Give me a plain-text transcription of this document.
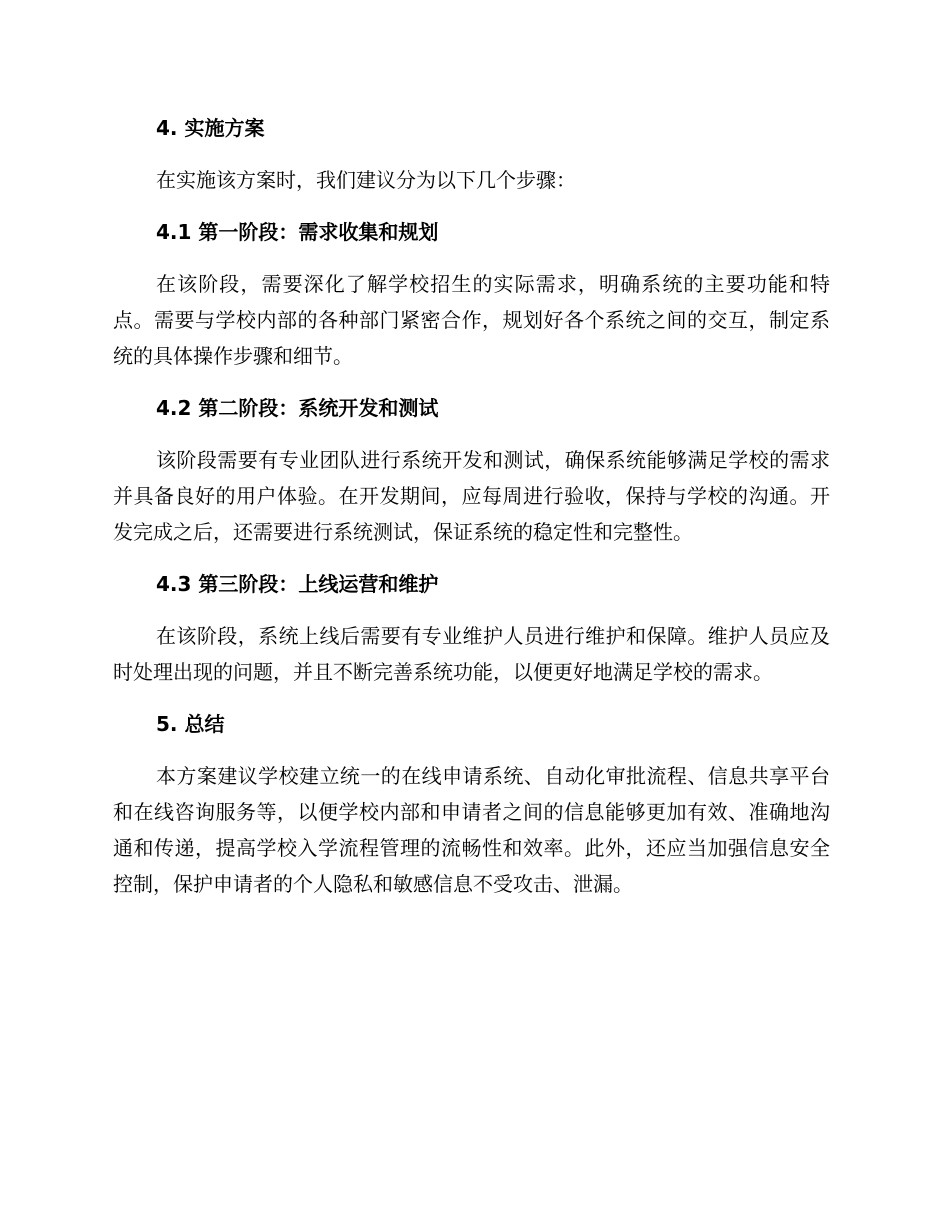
4. 实施方案

在实施该方案时，我们建议分为以下几个步骤：

4.1 第一阶段：需求收集和规划

在该阶段，需要深化了解学校招生的实际需求，明确系统的主要功能和特点。需要与学校内部的各种部门紧密合作，规划好各个系统之间的交互，制定系统的具体操作步骤和细节。

4.2 第二阶段：系统开发和测试

该阶段需要有专业团队进行系统开发和测试，确保系统能够满足学校的需求并具备良好的用户体验。在开发期间，应每周进行验收，保持与学校的沟通。开发完成之后，还需要进行系统测试，保证系统的稳定性和完整性。

4.3 第三阶段：上线运营和维护

在该阶段，系统上线后需要有专业维护人员进行维护和保障。维护人员应及时处理出现的问题，并且不断完善系统功能，以便更好地满足学校的需求。

5. 总结

本方案建议学校建立统一的在线申请系统、自动化审批流程、信息共享平台和在线咨询服务等，以便学校内部和申请者之间的信息能够更加有效、准确地沟通和传递，提高学校入学流程管理的流畅性和效率。此外，还应当加强信息安全控制，保护申请者的个人隐私和敏感信息不受攻击、泄漏。
